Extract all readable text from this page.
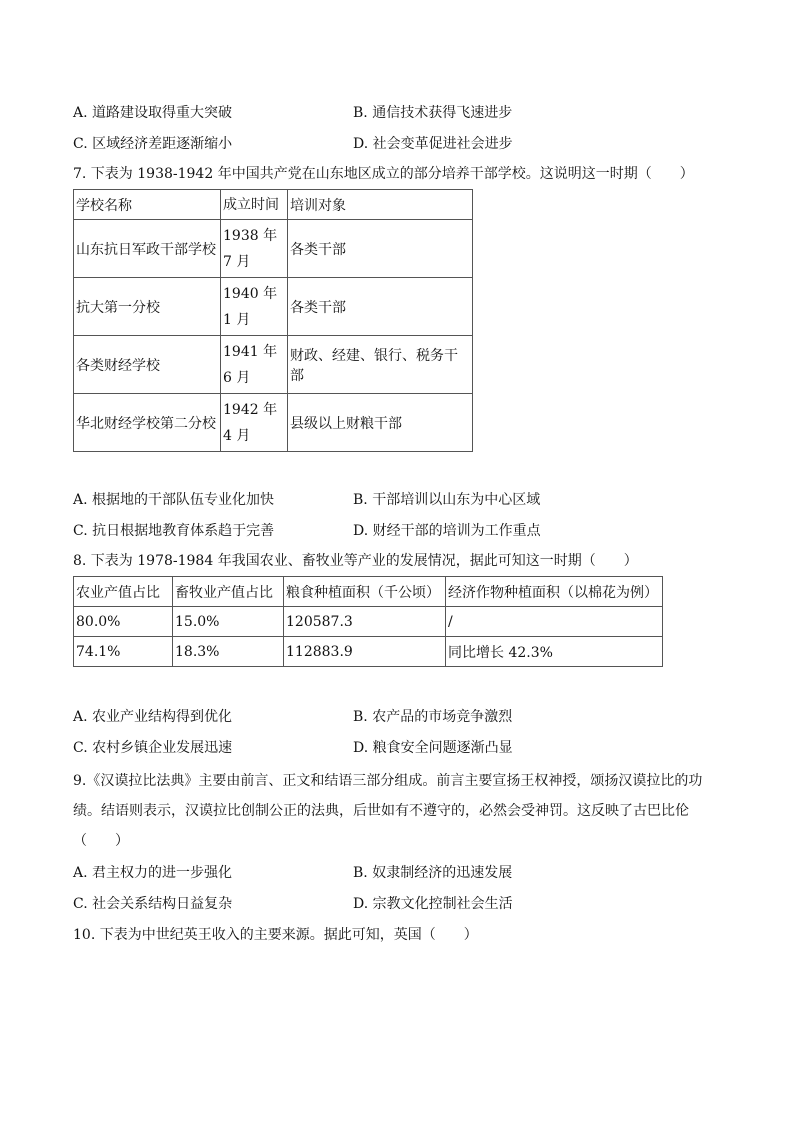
A. 道路建设取得重大突破	B. 通信技术获得飞速进步
C. 区域经济差距逐渐缩小	D. 社会变革促进社会进步
7. 下表为 1938-1942 年中国共产党在山东地区成立的部分培养干部学校。这说明这一时期（　　）
学校名称	成立时间	培训对象
山东抗日军政干部学校	1938 年 7 月	各类干部
抗大第一分校	1940 年 1 月	各类干部
各类财经学校	1941 年 6 月	财政、经建、银行、税务干部
华北财经学校第二分校	1942 年 4 月	县级以上财粮干部
A. 根据地的干部队伍专业化加快	B. 干部培训以山东为中心区域
C. 抗日根据地教育体系趋于完善	D. 财经干部的培训为工作重点
8. 下表为 1978-1984 年我国农业、畜牧业等产业的发展情况，据此可知这一时期（　　）
农业产值占比	畜牧业产值占比	粮食种植面积（千公顷）	经济作物种植面积（以棉花为例）
80.0%	15.0%	120587.3	/
74.1%	18.3%	112883.9	同比增长 42.3%
A. 农业产业结构得到优化	B. 农产品的市场竞争激烈
C. 农村乡镇企业发展迅速	D. 粮食安全问题逐渐凸显
9.《汉谟拉比法典》主要由前言、正文和结语三部分组成。前言主要宣扬王权神授，颂扬汉谟拉比的功绩。结语则表示，汉谟拉比创制公正的法典，后世如有不遵守的，必然会受神罚。这反映了古巴比伦（　　）
A. 君主权力的进一步强化	B. 奴隶制经济的迅速发展
C. 社会关系结构日益复杂	D. 宗教文化控制社会生活
10. 下表为中世纪英王收入的主要来源。据此可知，英国（　　）
